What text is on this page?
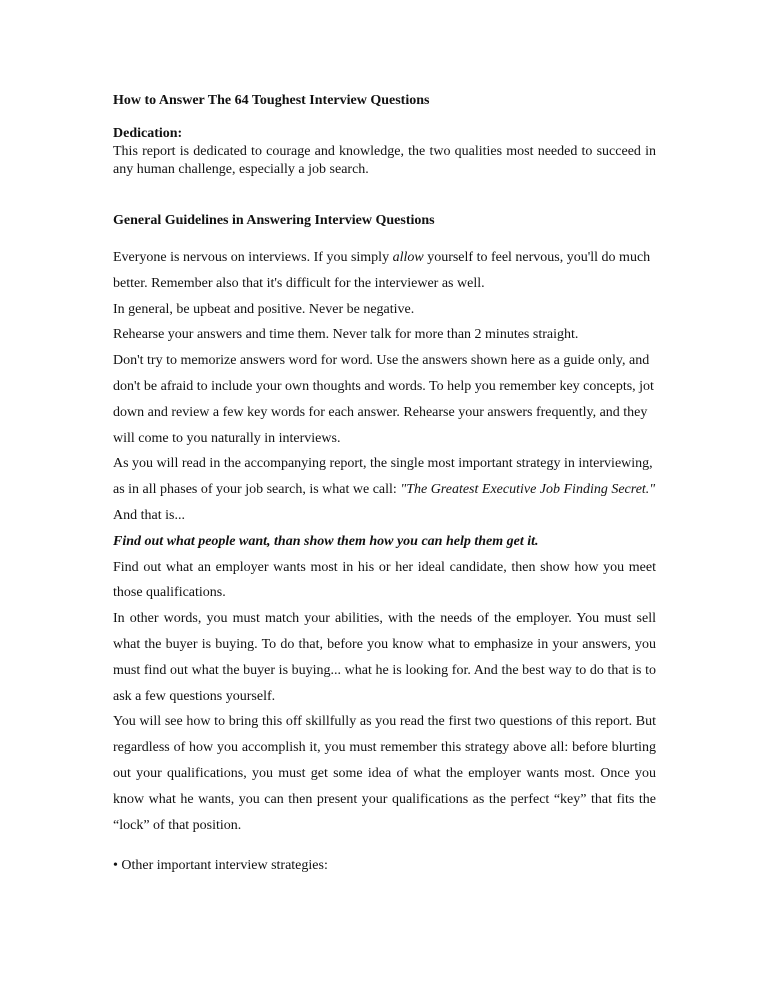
How to Answer The 64 Toughest Interview Questions
Dedication:
This report is dedicated to courage and knowledge, the two qualities most needed to succeed in any human challenge, especially a job search.
General Guidelines in Answering Interview Questions

Everyone is nervous on interviews. If you simply allow yourself to feel nervous, you'll do much better. Remember also that it's difficult for the interviewer as well.

In general, be upbeat and positive. Never be negative.

Rehearse your answers and time them. Never talk for more than 2 minutes straight.

Don't try to memorize answers word for word. Use the answers shown here as a guide only, and don't be afraid to include your own thoughts and words. To help you remember key concepts, jot down and review a few key words for each answer. Rehearse your answers frequently, and they will come to you naturally in interviews.

As you will read in the accompanying report, the single most important strategy in interviewing, as in all phases of your job search, is what we call: "The Greatest Executive Job Finding Secret." And that is...

Find out what people want, than show them how you can help them get it.

Find out what an employer wants most in his or her ideal candidate, then show how you meet those qualifications.

In other words, you must match your abilities, with the needs of the employer. You must sell what the buyer is buying. To do that, before you know what to emphasize in your answers, you must find out what the buyer is buying... what he is looking for. And the best way to do that is to ask a few questions yourself.

You will see how to bring this off skillfully as you read the first two questions of this report. But regardless of how you accomplish it, you must remember this strategy above all: before blurting out your qualifications, you must get some idea of what the employer wants most. Once you know what he wants, you can then present your qualifications as the perfect “key” that fits the “lock” of that position.

• Other important interview strategies:
